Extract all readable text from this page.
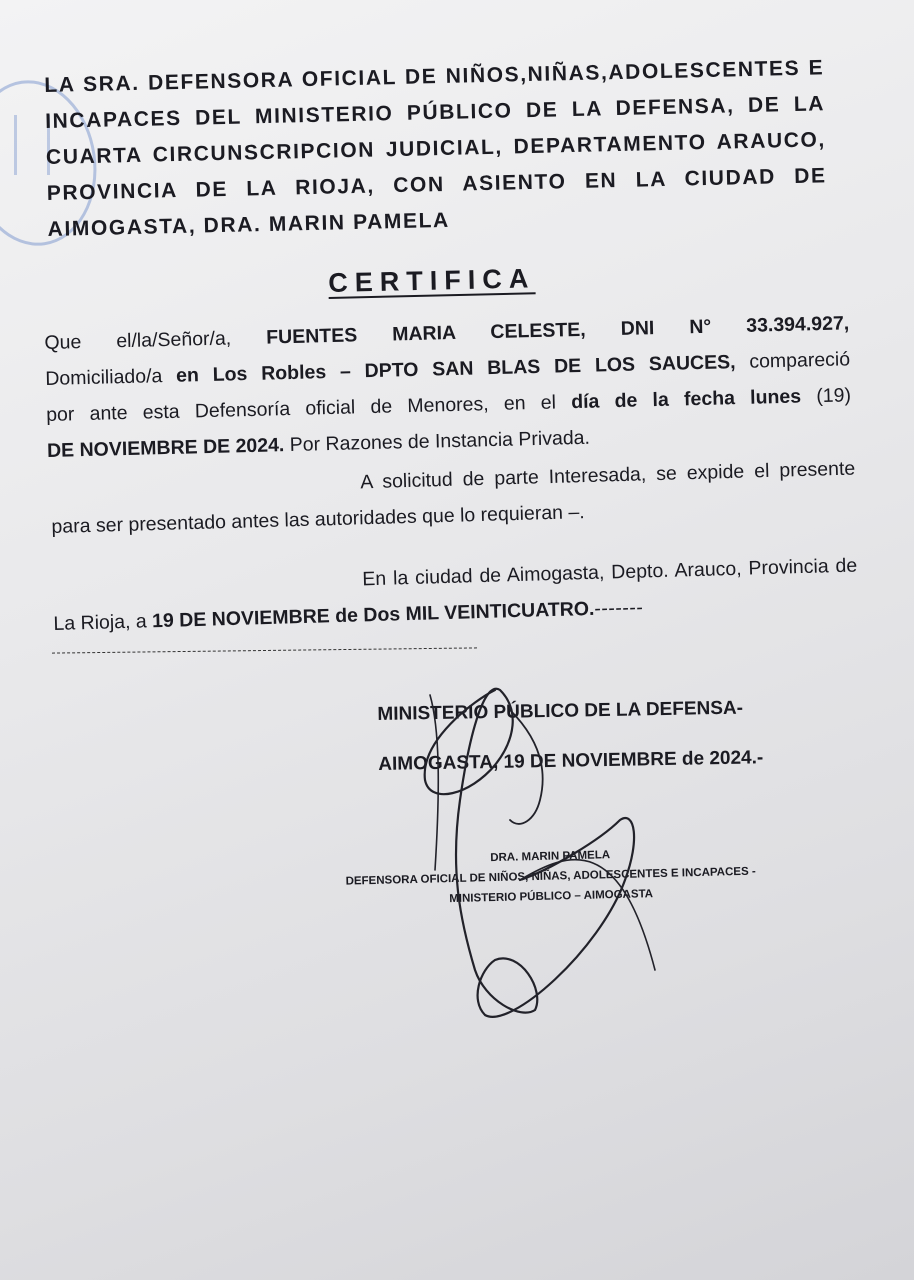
LA SRA. DEFENSORA OFICIAL DE NIÑOS,NIÑAS,ADOLESCENTES E INCAPACES DEL MINISTERIO PÚBLICO DE LA DEFENSA, DE LA CUARTA CIRCUNSCRIPCION JUDICIAL, DEPARTAMENTO ARAUCO, PROVINCIA DE LA RIOJA, CON ASIENTO EN LA CIUDAD DE AIMOGASTA, DRA. MARIN PAMELA
CERTIFICA
Que el/la/Señor/a, FUENTES MARIA CELESTE, DNI N° 33.394.927,
Domiciliado/a en Los Robles – DPTO SAN BLAS DE LOS SAUCES, compareció
por ante esta Defensoría oficial de Menores, en el día de la fecha lunes (19)
DE NOVIEMBRE DE 2024. Por Razones de Instancia Privada.
A solicitud de parte Interesada, se expide el presente para ser presentado antes las autoridades que lo requieran –.
En la ciudad de Aimogasta, Depto. Arauco, Provincia de La Rioja, a 19 DE NOVIEMBRE de Dos MIL VEINTICUATRO.-------
MINISTERIO PÚBLICO DE LA DEFENSA-
AIMOGASTA, 19 DE NOVIEMBRE de 2024.-
DRA. MARIN PAMELA
DEFENSORA OFICIAL DE NIÑOS, NIÑAS, ADOLESCENTES E INCAPACES -
MINISTERIO PÚBLICO – AIMOGASTA
